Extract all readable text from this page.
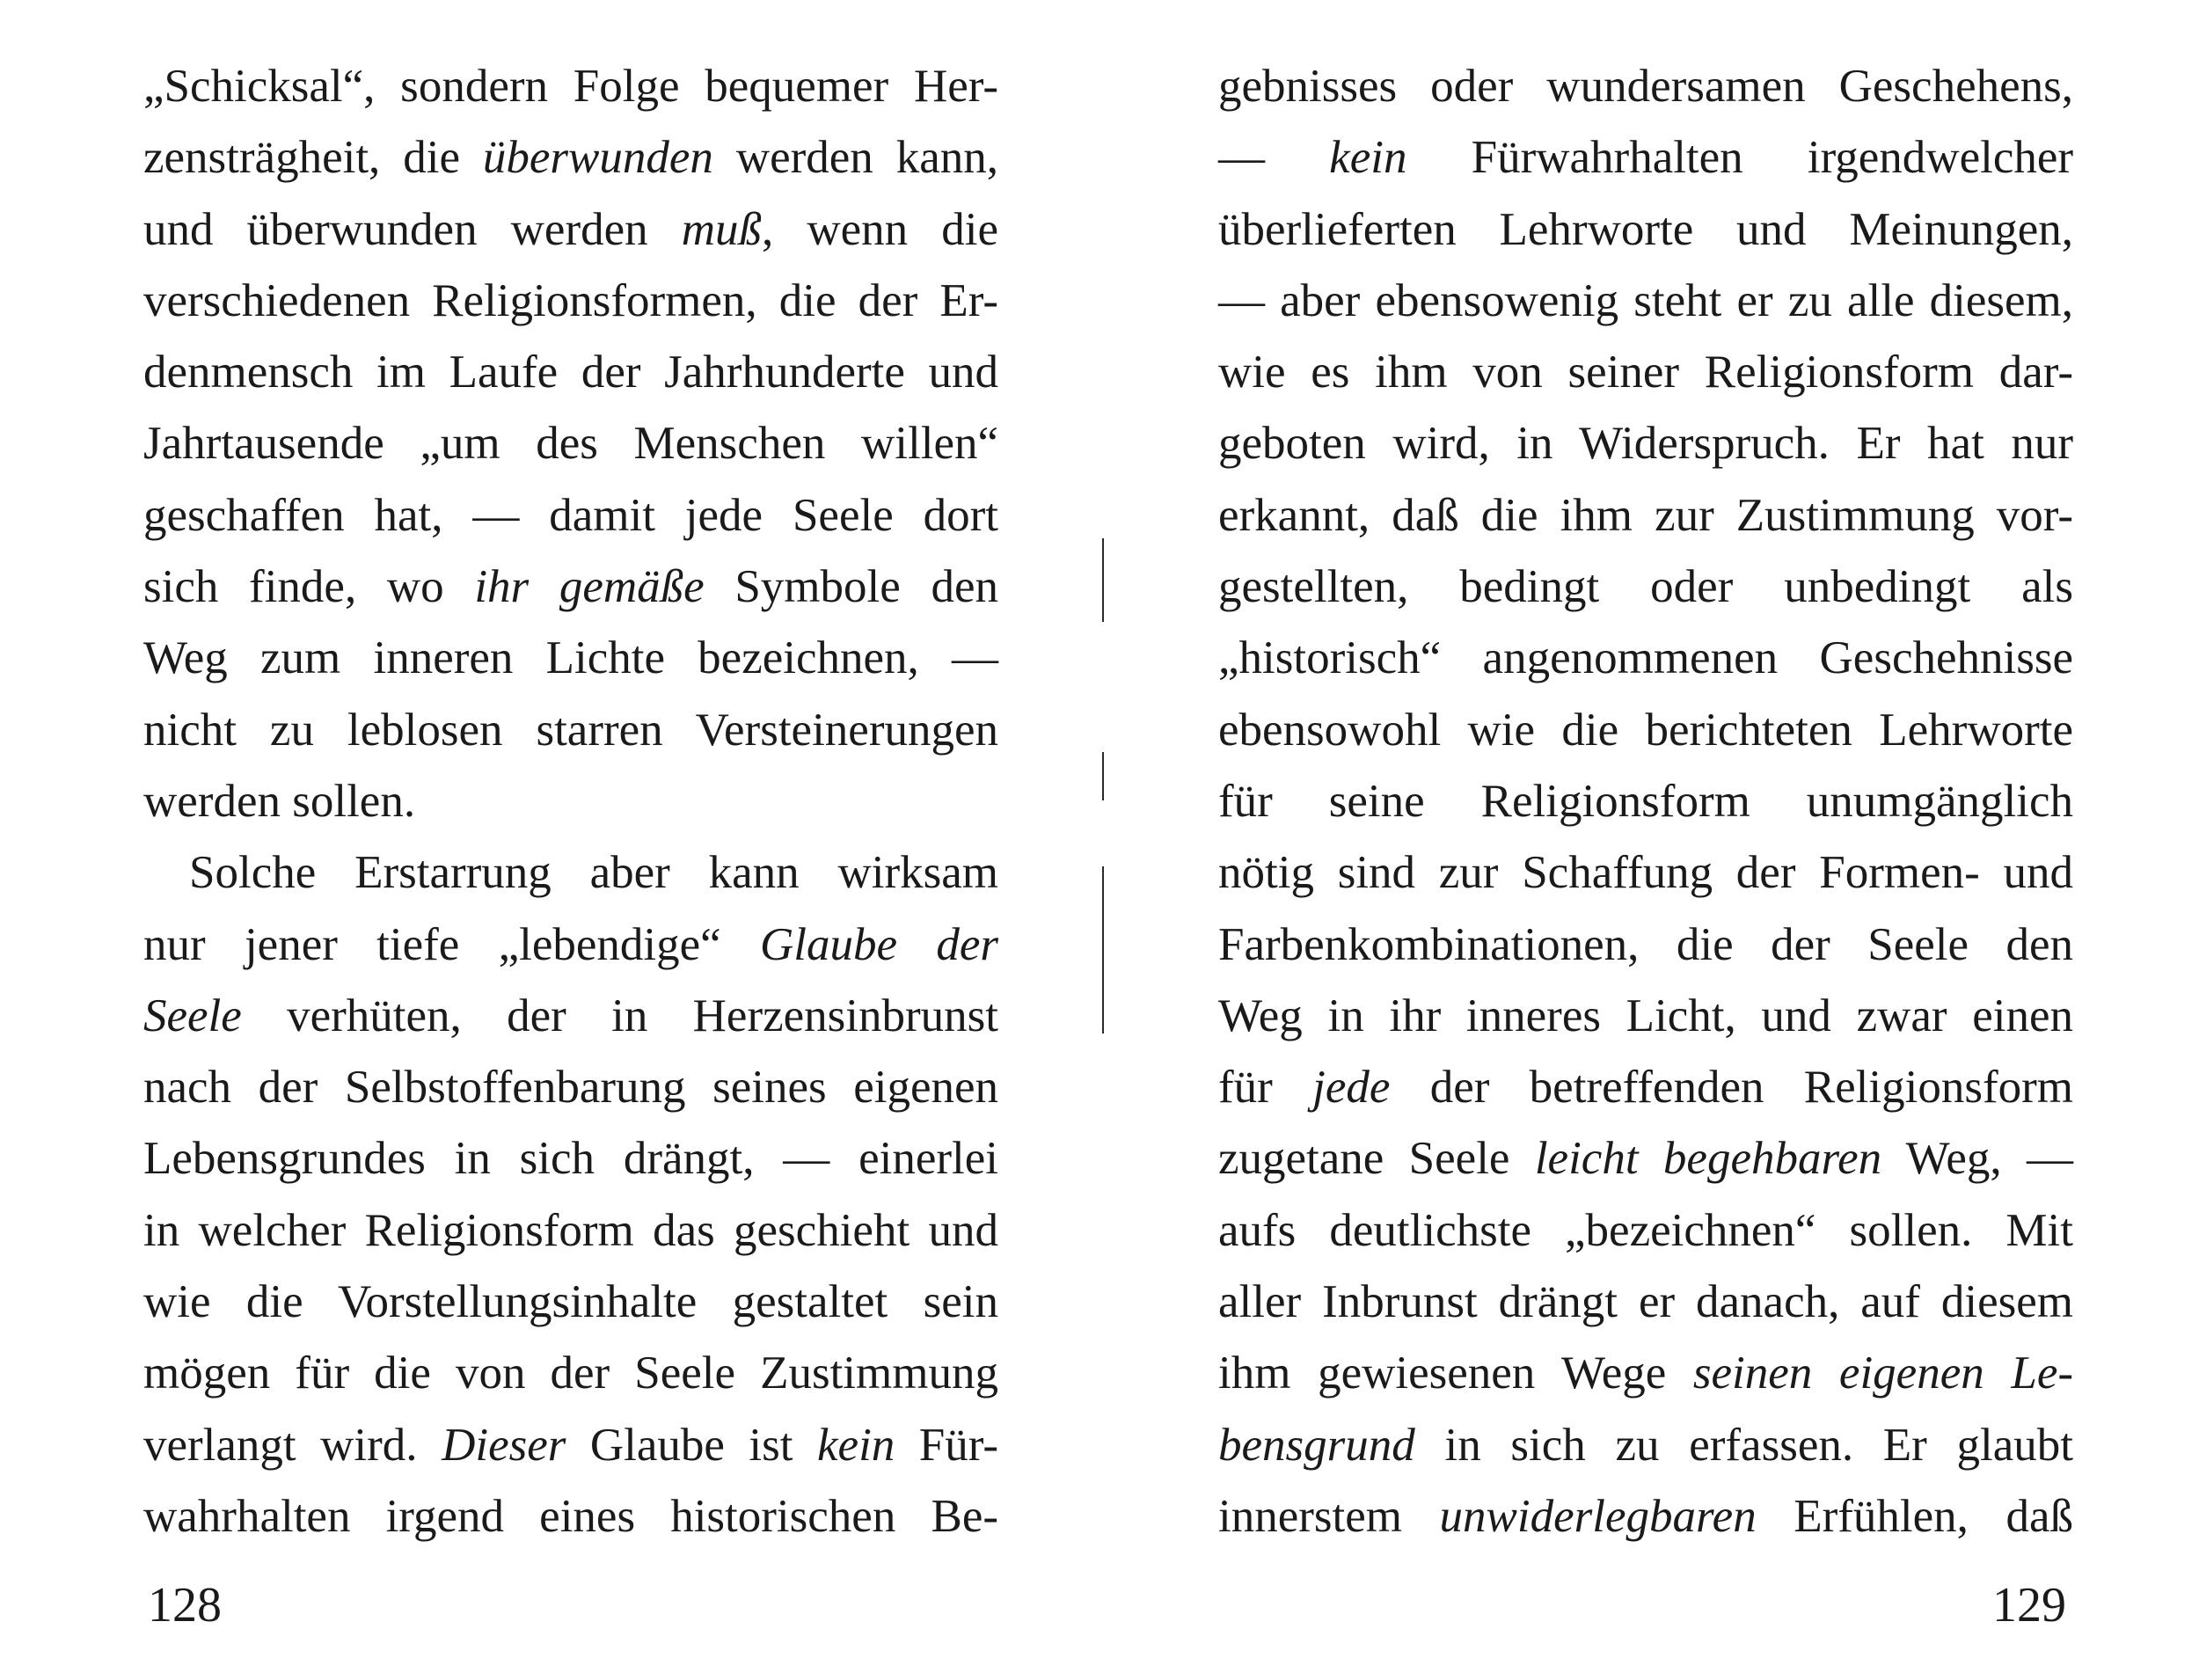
„Schicksal“, sondern Folge bequemer Her-
zensträgheit, die überwunden werden kann,
und überwunden werden muß, wenn die
verschiedenen Religionsformen, die der Er-
denmensch im Laufe der Jahrhunderte und
Jahrtausende „um des Menschen willen“
geschaffen hat, — damit jede Seele dort
sich finde, wo ihr gemäße Symbole den
Weg zum inneren Lichte bezeichnen, —
nicht zu leblosen starren Versteinerungen
werden sollen.
Solche Erstarrung aber kann wirksam
nur jener tiefe „lebendige“ Glaube der
Seele verhüten, der in Herzensinbrunst
nach der Selbstoffenbarung seines eigenen
Lebensgrundes in sich drängt, — einerlei
in welcher Religionsform das geschieht und
wie die Vorstellungsinhalte gestaltet sein
mögen für die von der Seele Zustimmung
verlangt wird. Dieser Glaube ist kein Für-
wahrhalten irgend eines historischen Be-
gebnisses oder wundersamen Geschehens,
— kein Fürwahrhalten irgendwelcher
überlieferten Lehrworte und Meinungen,
— aber ebensowenig steht er zu alle diesem,
wie es ihm von seiner Religionsform dar-
geboten wird, in Widerspruch. Er hat nur
erkannt, daß die ihm zur Zustimmung vor-
gestellten, bedingt oder unbedingt als
„historisch“ angenommenen Geschehnisse
ebensowohl wie die berichteten Lehrworte
für seine Religionsform unumgänglich
nötig sind zur Schaffung der Formen- und
Farbenkombinationen, die der Seele den
Weg in ihr inneres Licht, und zwar einen
für jede der betreffenden Religionsform
zugetane Seele leicht begehbaren Weg, —
aufs deutlichste „bezeichnen“ sollen. Mit
aller Inbrunst drängt er danach, auf diesem
ihm gewiesenen Wege seinen eigenen Le-
bensgrund in sich zu erfassen. Er glaubt
innerstem unwiderlegbaren Erfühlen, daß
128	129
